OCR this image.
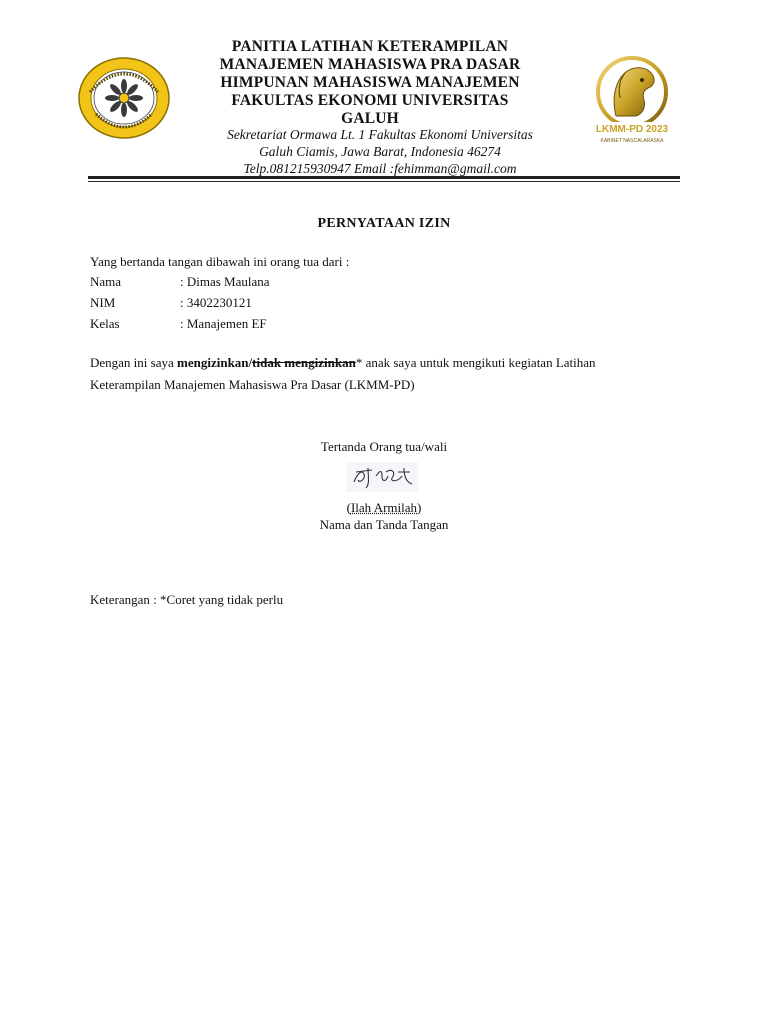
PANITIA LATIHAN KETERAMPILAN
MANAJEMEN MAHASISWA PRA DASAR
HIMPUNAN MAHASISWA MANAJEMEN
FAKULTAS EKONOMI UNIVERSITAS
GALUH
Sekretariat Ormawa Lt. 1 Fakultas Ekonomi Universitas
Galuh Ciamis, Jawa Barat, Indonesia 46274
Telp.081215930947 Email :fehimman@gmail.com
LKMM-PD 2023
KABINET NASCALARASKA
PERNYATAAN IZIN
Yang bertanda tangan dibawah ini orang tua dari :
Nama	: Dimas Maulana
NIM	: 3402230121
Kelas	: Manajemen EF
Dengan ini saya mengizinkan/tidak mengizinkan* anak saya untuk mengikuti kegiatan Latihan
Keterampilan Manajemen Mahasiswa Pra Dasar (LKMM-PD)
Tertanda Orang tua/wali
(Ilah Armilah)
Nama dan Tanda Tangan
Keterangan : *Coret yang tidak perlu
